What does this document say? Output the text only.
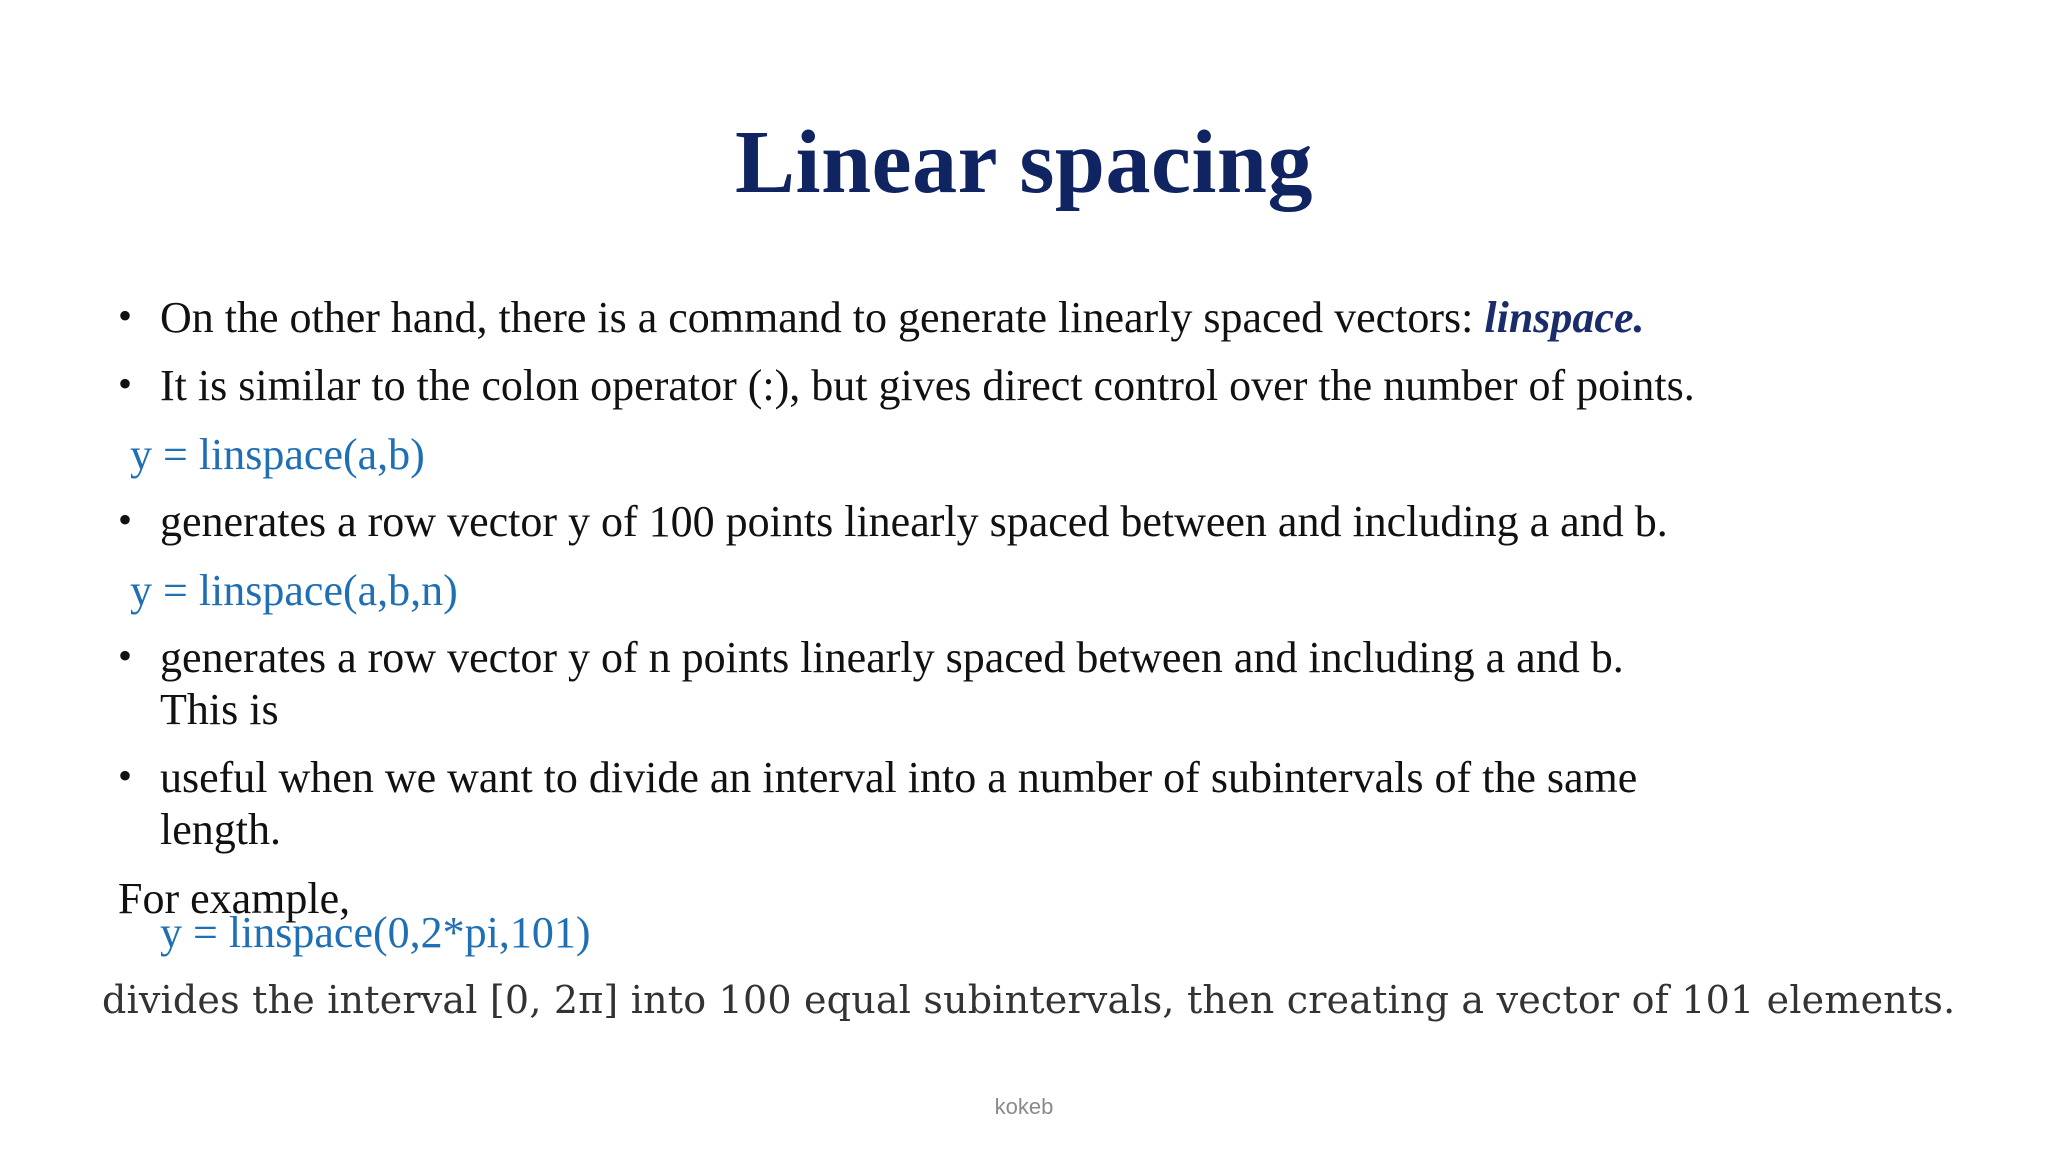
Linear spacing
• On the other hand, there is a command to generate linearly spaced vectors: linspace.
• It is similar to the colon operator (:), but gives direct control over the number of points.
y = linspace(a,b)
• generates a row vector y of 100 points linearly spaced between and including a and b.
y = linspace(a,b,n)
• generates a row vector y of n points linearly spaced between and including a and b.
This is
• useful when we want to divide an interval into a number of subintervals of the same
length.
For example,
y = linspace(0,2*pi,101)
divides the interval [0, 2π] into 100 equal subintervals, then creating a vector of 101 elements.
kokeb
